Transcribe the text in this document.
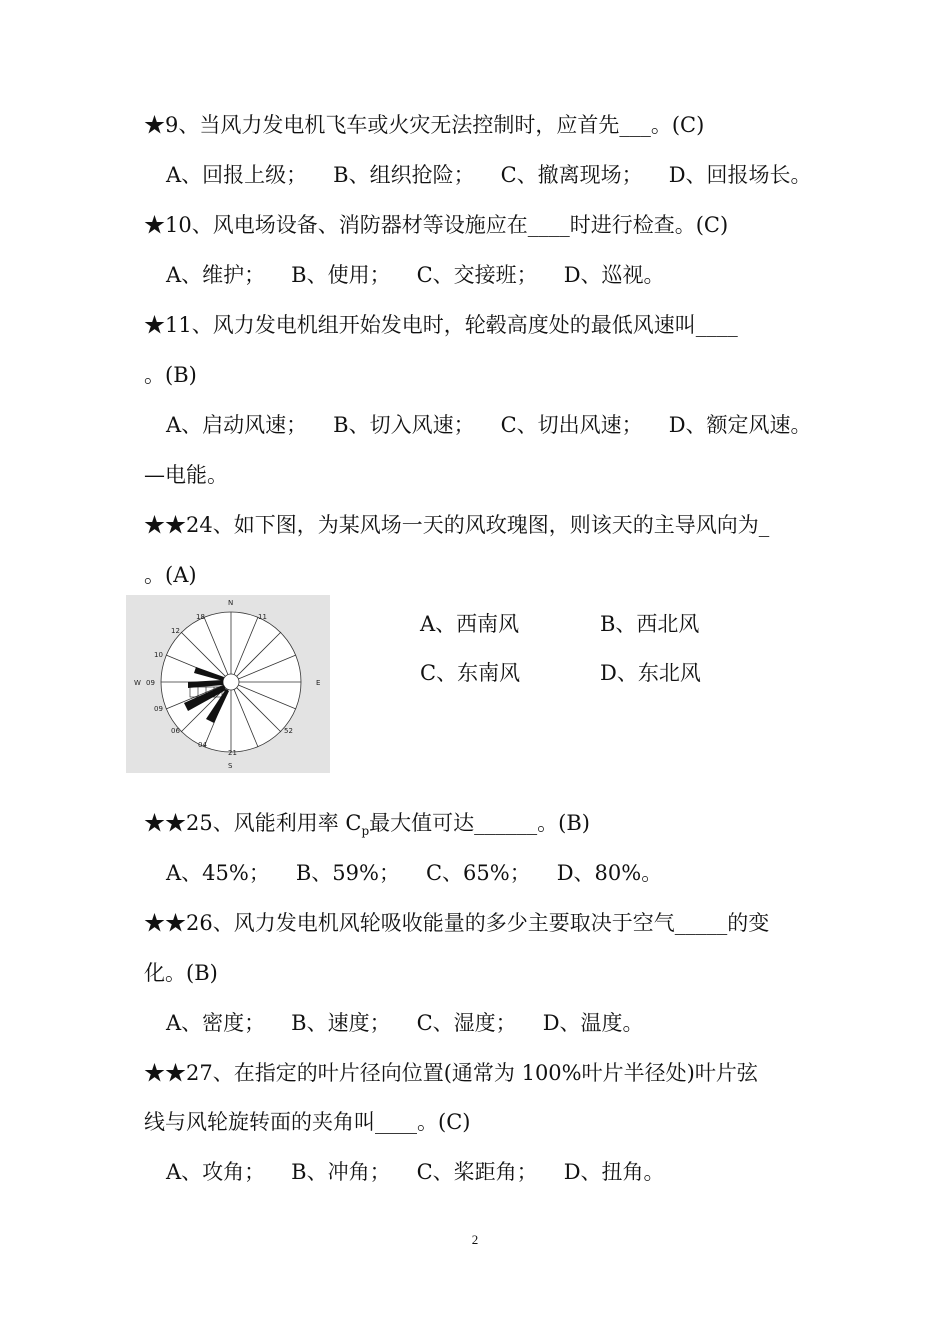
★9、当风力发电机飞车或火灾无法控制时，应首先___。(C)
A、回报上级； B、组织抢险； C、撤离现场； D、回报场长。
★10、风电场设备、消防器材等设施应在____时进行检查。(C)
A、维护； B、使用； C、交接班； D、巡视。
★11、风力发电机组开始发电时，轮毂高度处的最低风速叫____
。(B)
A、启动风速； B、切入风速； C、切出风速； D、额定风速。
—电能。
★★24、如下图，为某风场一天的风玫瑰图，则该天的主导风向为_
。(A)
N
S
E
W
18	11
12
10
09
09
06
04
21
52
A、西南风	B、西北风
C、东南风	D、东北风
★★25、风能利用率 $C_p$最大值可达______。(B)
A、45%； B、59%； C、65%； D、80%。
★★26、风力发电机风轮吸收能量的多少主要取决于空气_____的变
化。(B)
A、密度； B、速度； C、湿度； D、温度。
★★27、在指定的叶片径向位置(通常为 100%叶片半径处)叶片弦
线与风轮旋转面的夹角叫____。(C)
A、攻角； B、冲角； C、桨距角； D、扭角。
2
